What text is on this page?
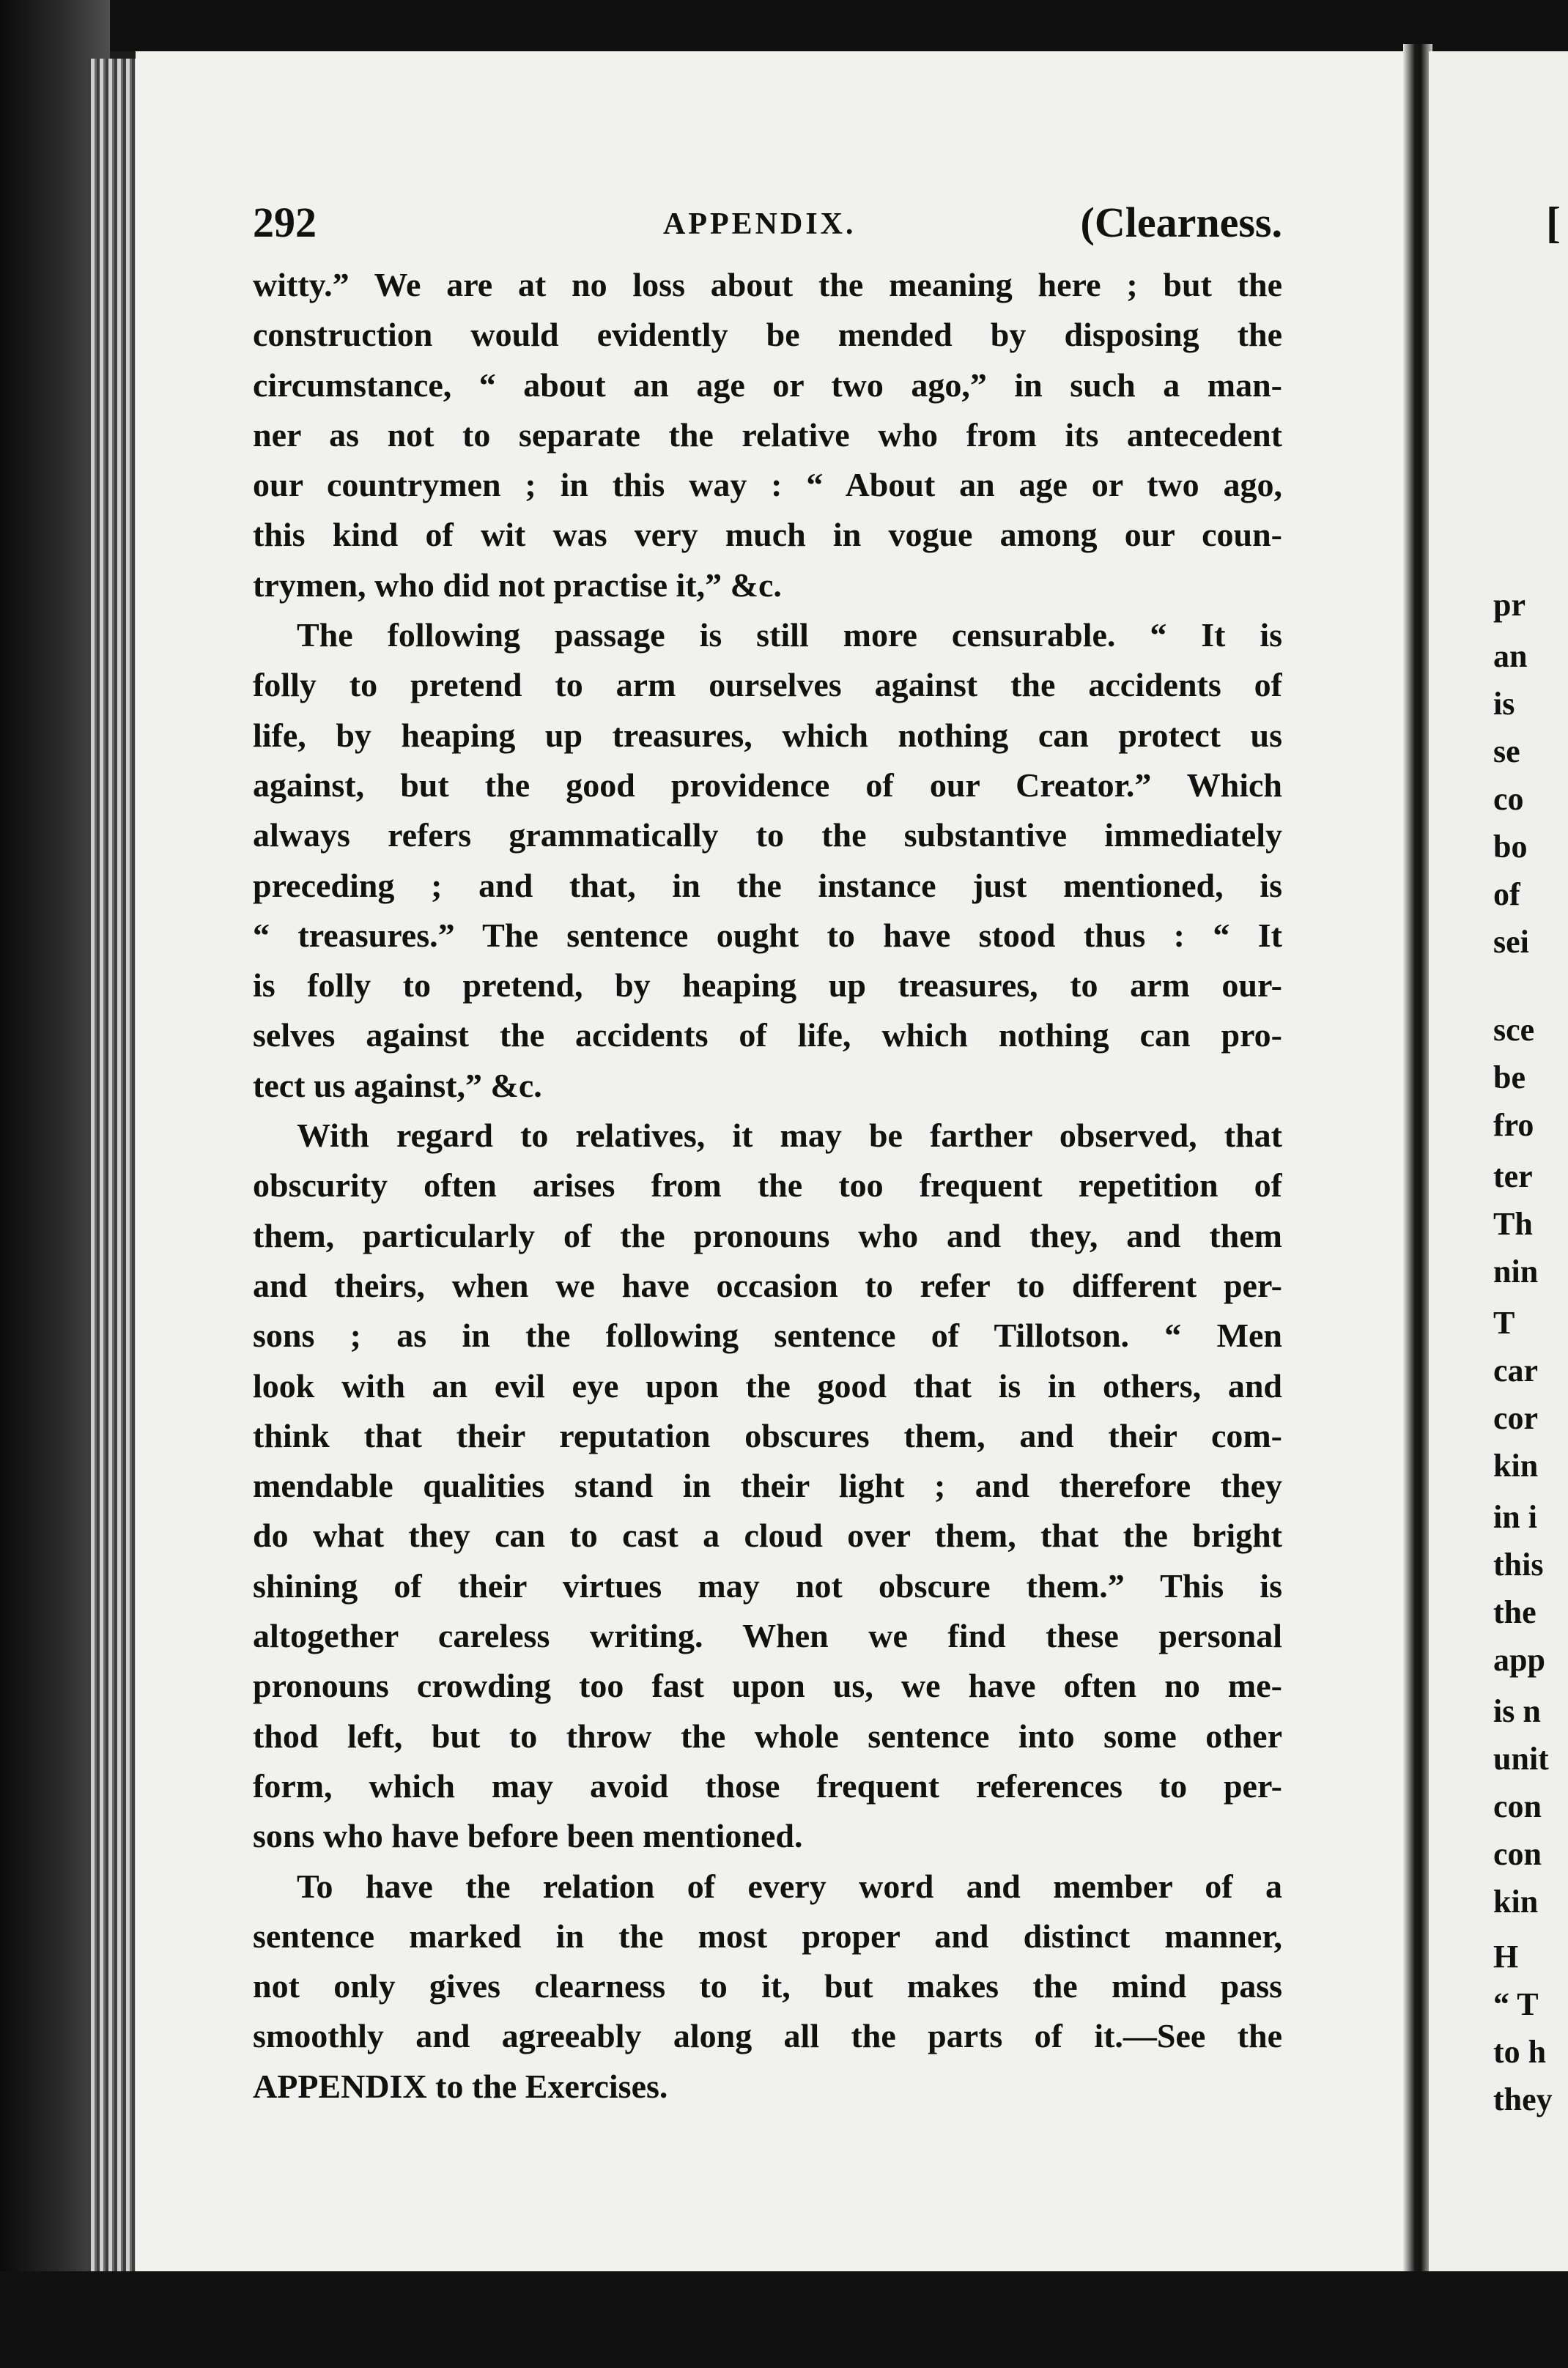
[
pr
an
is
se
co
bo
of
sei
sce
be
fro
ter
Th
nin
T
car
cor
kin
in i
this
the
app
is n
unit
con
con
kin
H
“ T
to h
they
292	APPENDIX.	(Clearness.
witty.” We are at no loss about the meaning here ; but the
construction would evidently be mended by disposing the
circumstance, “ about an age or two ago,” in such a man-
ner as not to separate the relative who from its antecedent
our countrymen ; in this way : “ About an age or two ago,
this kind of wit was very much in vogue among our coun-
trymen, who did not practise it,” &c.
The following passage is still more censurable. “ It is
folly to pretend to arm ourselves against the accidents of
life, by heaping up treasures, which nothing can protect us
against, but the good providence of our Creator.” Which
always refers grammatically to the substantive immediately
preceding ; and that, in the instance just mentioned, is
“ treasures.” The sentence ought to have stood thus : “ It
is folly to pretend, by heaping up treasures, to arm our-
selves against the accidents of life, which nothing can pro-
tect us against,” &c.
With regard to relatives, it may be farther observed, that
obscurity often arises from the too frequent repetition of
them, particularly of the pronouns who and they, and them
and theirs, when we have occasion to refer to different per-
sons ; as in the following sentence of Tillotson. “ Men
look with an evil eye upon the good that is in others, and
think that their reputation obscures them, and their com-
mendable qualities stand in their light ; and therefore they
do what they can to cast a cloud over them, that the bright
shining of their virtues may not obscure them.” This is
altogether careless writing. When we find these personal
pronouns crowding too fast upon us, we have often no me-
thod left, but to throw the whole sentence into some other
form, which may avoid those frequent references to per-
sons who have before been mentioned.
To have the relation of every word and member of a
sentence marked in the most proper and distinct manner,
not only gives clearness to it, but makes the mind pass
smoothly and agreeably along all the parts of it.—See the
APPENDIX to the Exercises.
